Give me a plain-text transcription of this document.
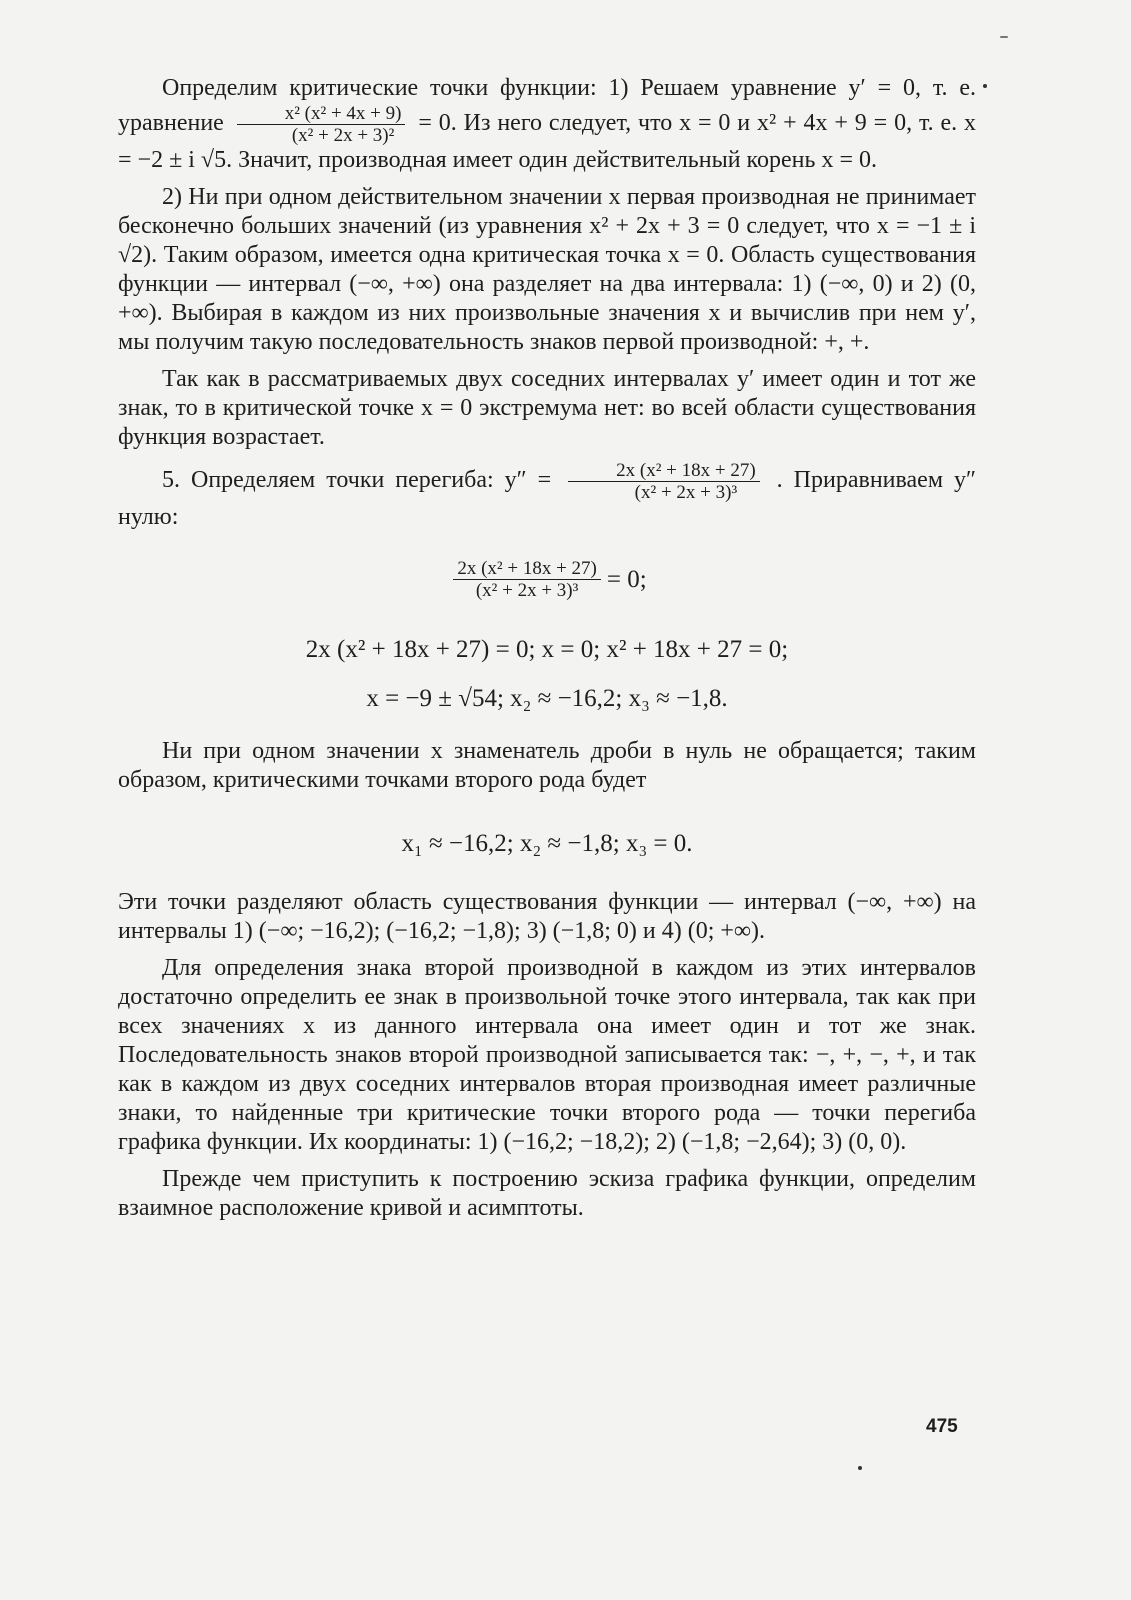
Определим критические точки функции: 1) Решаем уравнение y′ = 0, т. е. уравнение $\frac{\text{x² (x² + 4x + 9)}}{\text{(x² + 2x + 3)²}} = 0$. Из него следует, что x = 0 и x² + 4x + 9 = 0, т. е. x = −2 ± i √5. Значит, производная имеет один действительный корень x = 0.

2) Ни при одном действительном значении x первая производная не принимает бесконечно больших значений (из уравнения x² + 2x + 3 = 0 следует, что x = −1 ± i √2). Таким образом, имеется одна критическая точка x = 0. Область существования функции — интервал (−∞, +∞) она разделяет на два интервала: 1) (−∞, 0) и 2) (0, +∞). Выбирая в каждом из них произвольные значения x и вычислив при нем y′, мы получим такую последовательность знаков первой производной: +, +.

Так как в рассматриваемых двух соседних интервалах y′ имеет один и тот же знак, то в критической точке x = 0 экстремума нет: во всей области существования функция возрастает.

5. Определяем точки перегиба: $y'' = \frac{\text{2x (x² + 18x + 27)}}{\text{(x² + 2x + 3)³}}$ . Приравниваем y″ нулю:

$\frac{\text{2x (x² + 18x + 27)}}{\text{(x² + 2x + 3)³}} = 0$;

2x (x² + 18x + 27) = 0; x = 0; x² + 18x + 27 = 0;

x = −9 ± √54; x₂ ≈ −16,2; x₃ ≈ −1,8.

Ни при одном значении x знаменатель дроби в нуль не обращается; таким образом, критическими точками второго рода будет

x₁ ≈ −16,2; x₂ ≈ −1,8; x₃ = 0.

Эти точки разделяют область существования функции — интервал (−∞, +∞) на интервалы 1) (−∞; −16,2); (−16,2; −1,8); 3) (−1,8; 0) и 4) (0; +∞).

Для определения знака второй производной в каждом из этих интервалов достаточно определить ее знак в произвольной точке этого интервала, так как при всех значениях x из данного интервала она имеет один и тот же знак. Последовательность знаков второй производной записывается так: −, +, −, +, и так как в каждом из двух соседних интервалов вторая производная имеет различные знаки, то найденные три критические точки второго рода — точки перегиба графика функции. Их координаты: 1) (−16,2; −18,2); 2) (−1,8; −2,64); 3) (0, 0).

Прежде чем приступить к построению эскиза графика функции, определим взаимное расположение кривой и асимптоты.

475
